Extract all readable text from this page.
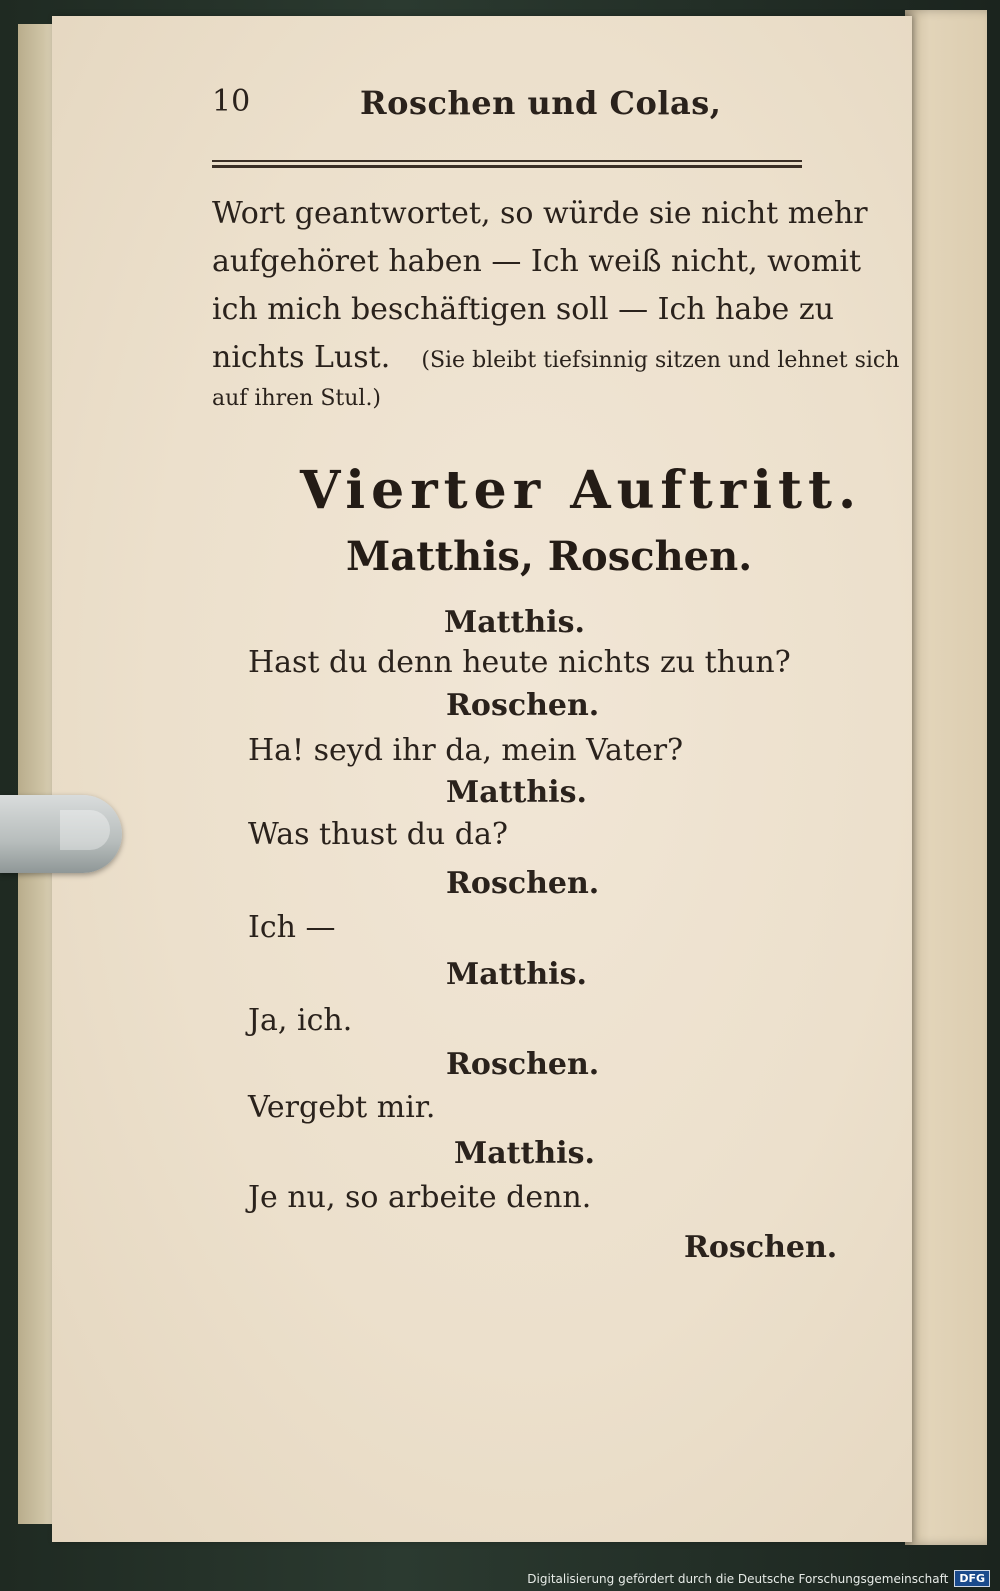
10	Roschen und Colas,
Wort geantwortet, so würde sie nicht mehr
aufgehöret haben — Ich weiß nicht, womit
ich mich beschäftigen soll — Ich habe zu
nichts Lust. (Sie bleibt tiefsinnig sitzen und lehnet sich
auf ihren Stul.)
Vierter Auftritt.
Matthis, Roschen.
Matthis.
Hast du denn heute nichts zu thun?
Roschen.
Ha! seyd ihr da, mein Vater?
Matthis.
Was thust du da?
Roschen.
Ich —
Matthis.
Ja, ich.
Roschen.
Vergebt mir.
Matthis.
Je nu, so arbeite denn.
Roschen.
Digitalisierung gefördert durch die Deutsche Forschungsgemeinschaft	DFG
